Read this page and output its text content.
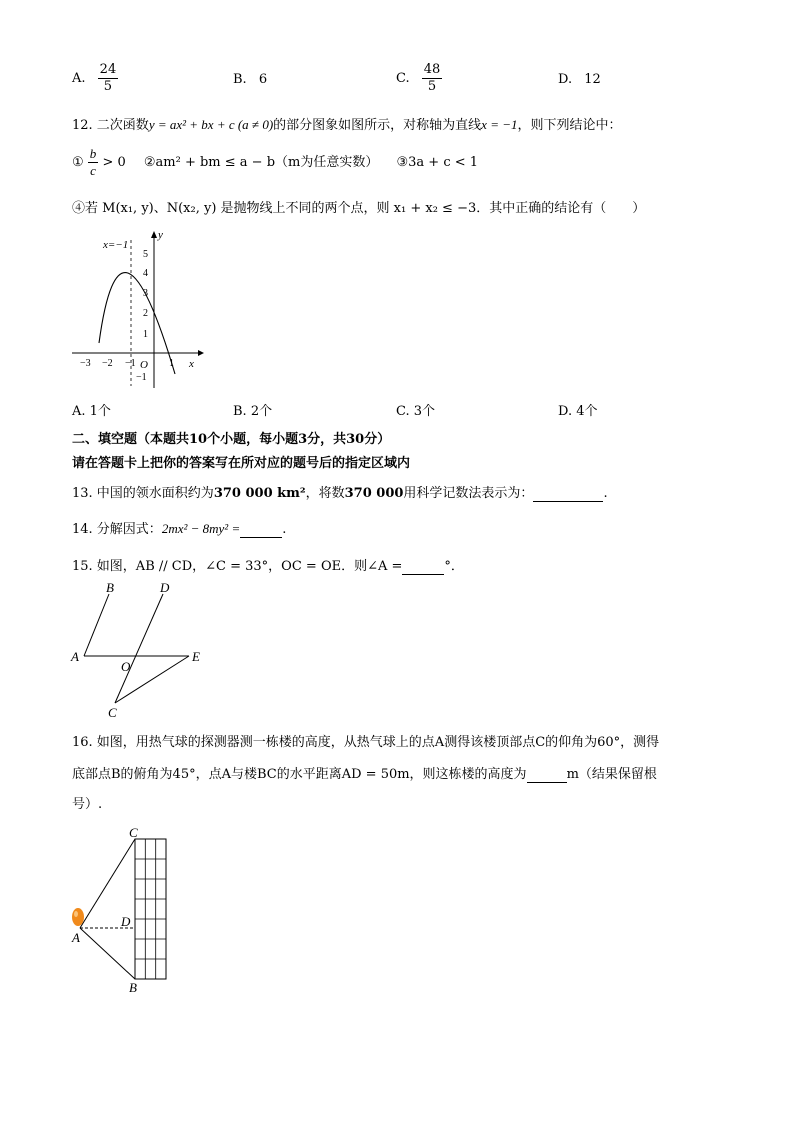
A. $\frac{24}{5}$	B. 6	C. $\frac{48}{5}$	D. 12
12. 二次函数y = ax² + bx + c (a ≠ 0)的部分图象如图所示，对称轴为直线x = −1，则下列结论中：
① $\frac{b}{c} > 0$ ②am² + bm ≤ a − b（m为任意实数） ③3a + c < 1
④若 M(x₁, y)、N(x₂, y) 是抛物线上不同的两个点，则 x₁ + x₂ ≤ −3．其中正确的结论有（　　）
x=−1
y
x
O
−3 −2 −1	1
5
4
3
2
1
−1
A. 1个	B. 2个	C. 3个	D. 4个
二、填空题（本题共10个小题，每小题3分，共30分）
请在答题卡上把你的答案写在所对应的题号后的指定区域内
13. 中国的领水面积约为370 000 km²，将数370 000用科学记数法表示为：	.
14. 分解因式：2mx² − 8my² =	.
15. 如图，AB // CD，∠C = 33°，OC = OE．则∠A =	°．
A
B
C
D
E
O
16. 如图，用热气球的探测器测一栋楼的高度，从热气球上的点A测得该楼顶部点C的仰角为60°，测得
底部点B的俯角为45°，点A与楼BC的水平距离AD = 50m，则这栋楼的高度为	m（结果保留根
号）.
A
B
C
D
